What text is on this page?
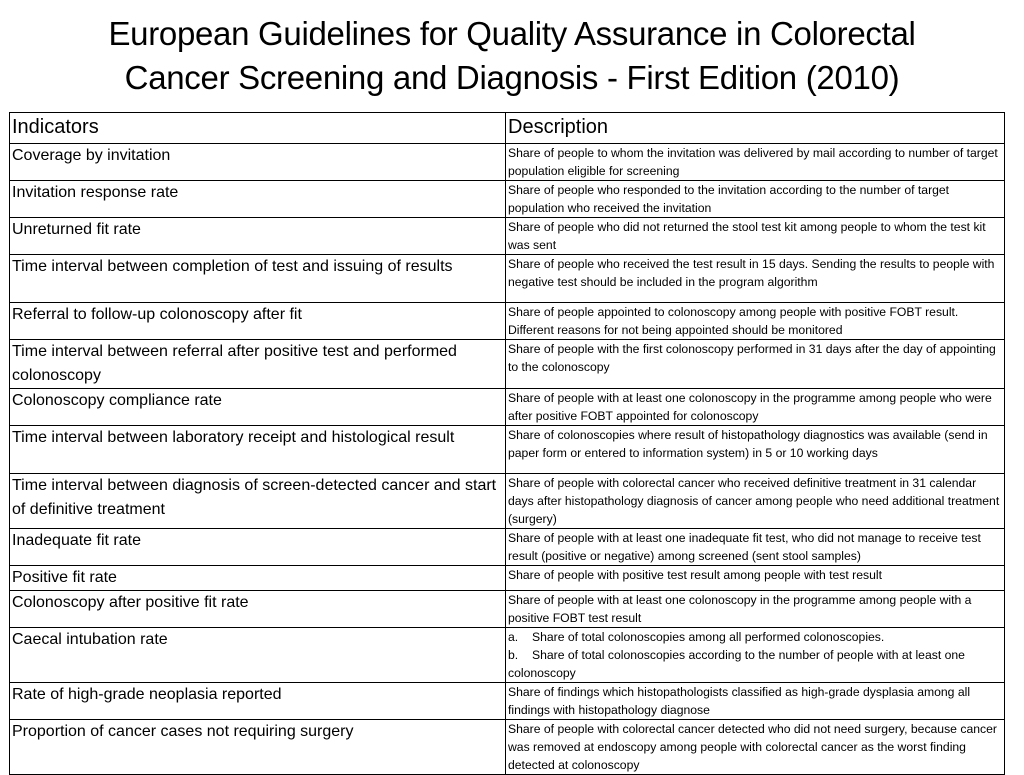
European Guidelines for Quality Assurance in Colorectal
Cancer Screening and Diagnosis - First Edition (2010)
Indicators	Description
Coverage by invitation	Share of people to whom the invitation was delivered by mail according to number of target population eligible for screening
Invitation response rate	Share of people who responded to the invitation according to the number of target population who received the invitation
Unreturned fit rate	Share of people who did not returned the stool test kit among people to whom the test kit was sent
Time interval between completion of test and issuing of results	Share of people who received the test result in 15 days. Sending the results to people with negative test should be included in the program algorithm
Referral to follow-up colonoscopy after fit	Share of people appointed to colonoscopy among people with positive FOBT result. Different reasons for not being appointed should be monitored
Time interval between referral after positive test and performed colonoscopy	Share of people with the first colonoscopy performed in 31 days after the day of appointing to the colonoscopy
Colonoscopy compliance rate	Share of people with at least one colonoscopy in the programme among people who were after positive FOBT appointed for colonoscopy
Time interval between laboratory receipt and histological result	Share of colonoscopies where result of histopathology diagnostics was available (send in paper form or entered to information system) in 5 or 10 working days
Time interval between diagnosis of screen-detected cancer and start of definitive treatment	Share of people with colorectal cancer who received definitive treatment in 31 calendar days after histopathology diagnosis of cancer among people who need additional treatment (surgery)
Inadequate fit rate	Share of people with at least one inadequate fit test, who did not manage to receive test result (positive or negative) among screened (sent stool samples)
Positive fit rate	Share of people with positive test result among people with test result
Colonoscopy after positive fit rate	Share of people with at least one colonoscopy in the programme among people with a positive FOBT test result
Caecal intubation rate	a. Share of total colonoscopies among all performed colonoscopies.
b. Share of total colonoscopies according to the number of people with at least one colonoscopy

Rate of high-grade neoplasia reported	Share of findings which histopathologists classified as high-grade dysplasia among all findings with histopathology diagnose
Proportion of cancer cases not requiring surgery	Share of people with colorectal cancer detected who did not need surgery, because cancer was removed at endoscopy among people with colorectal cancer as the worst finding detected at colonoscopy
